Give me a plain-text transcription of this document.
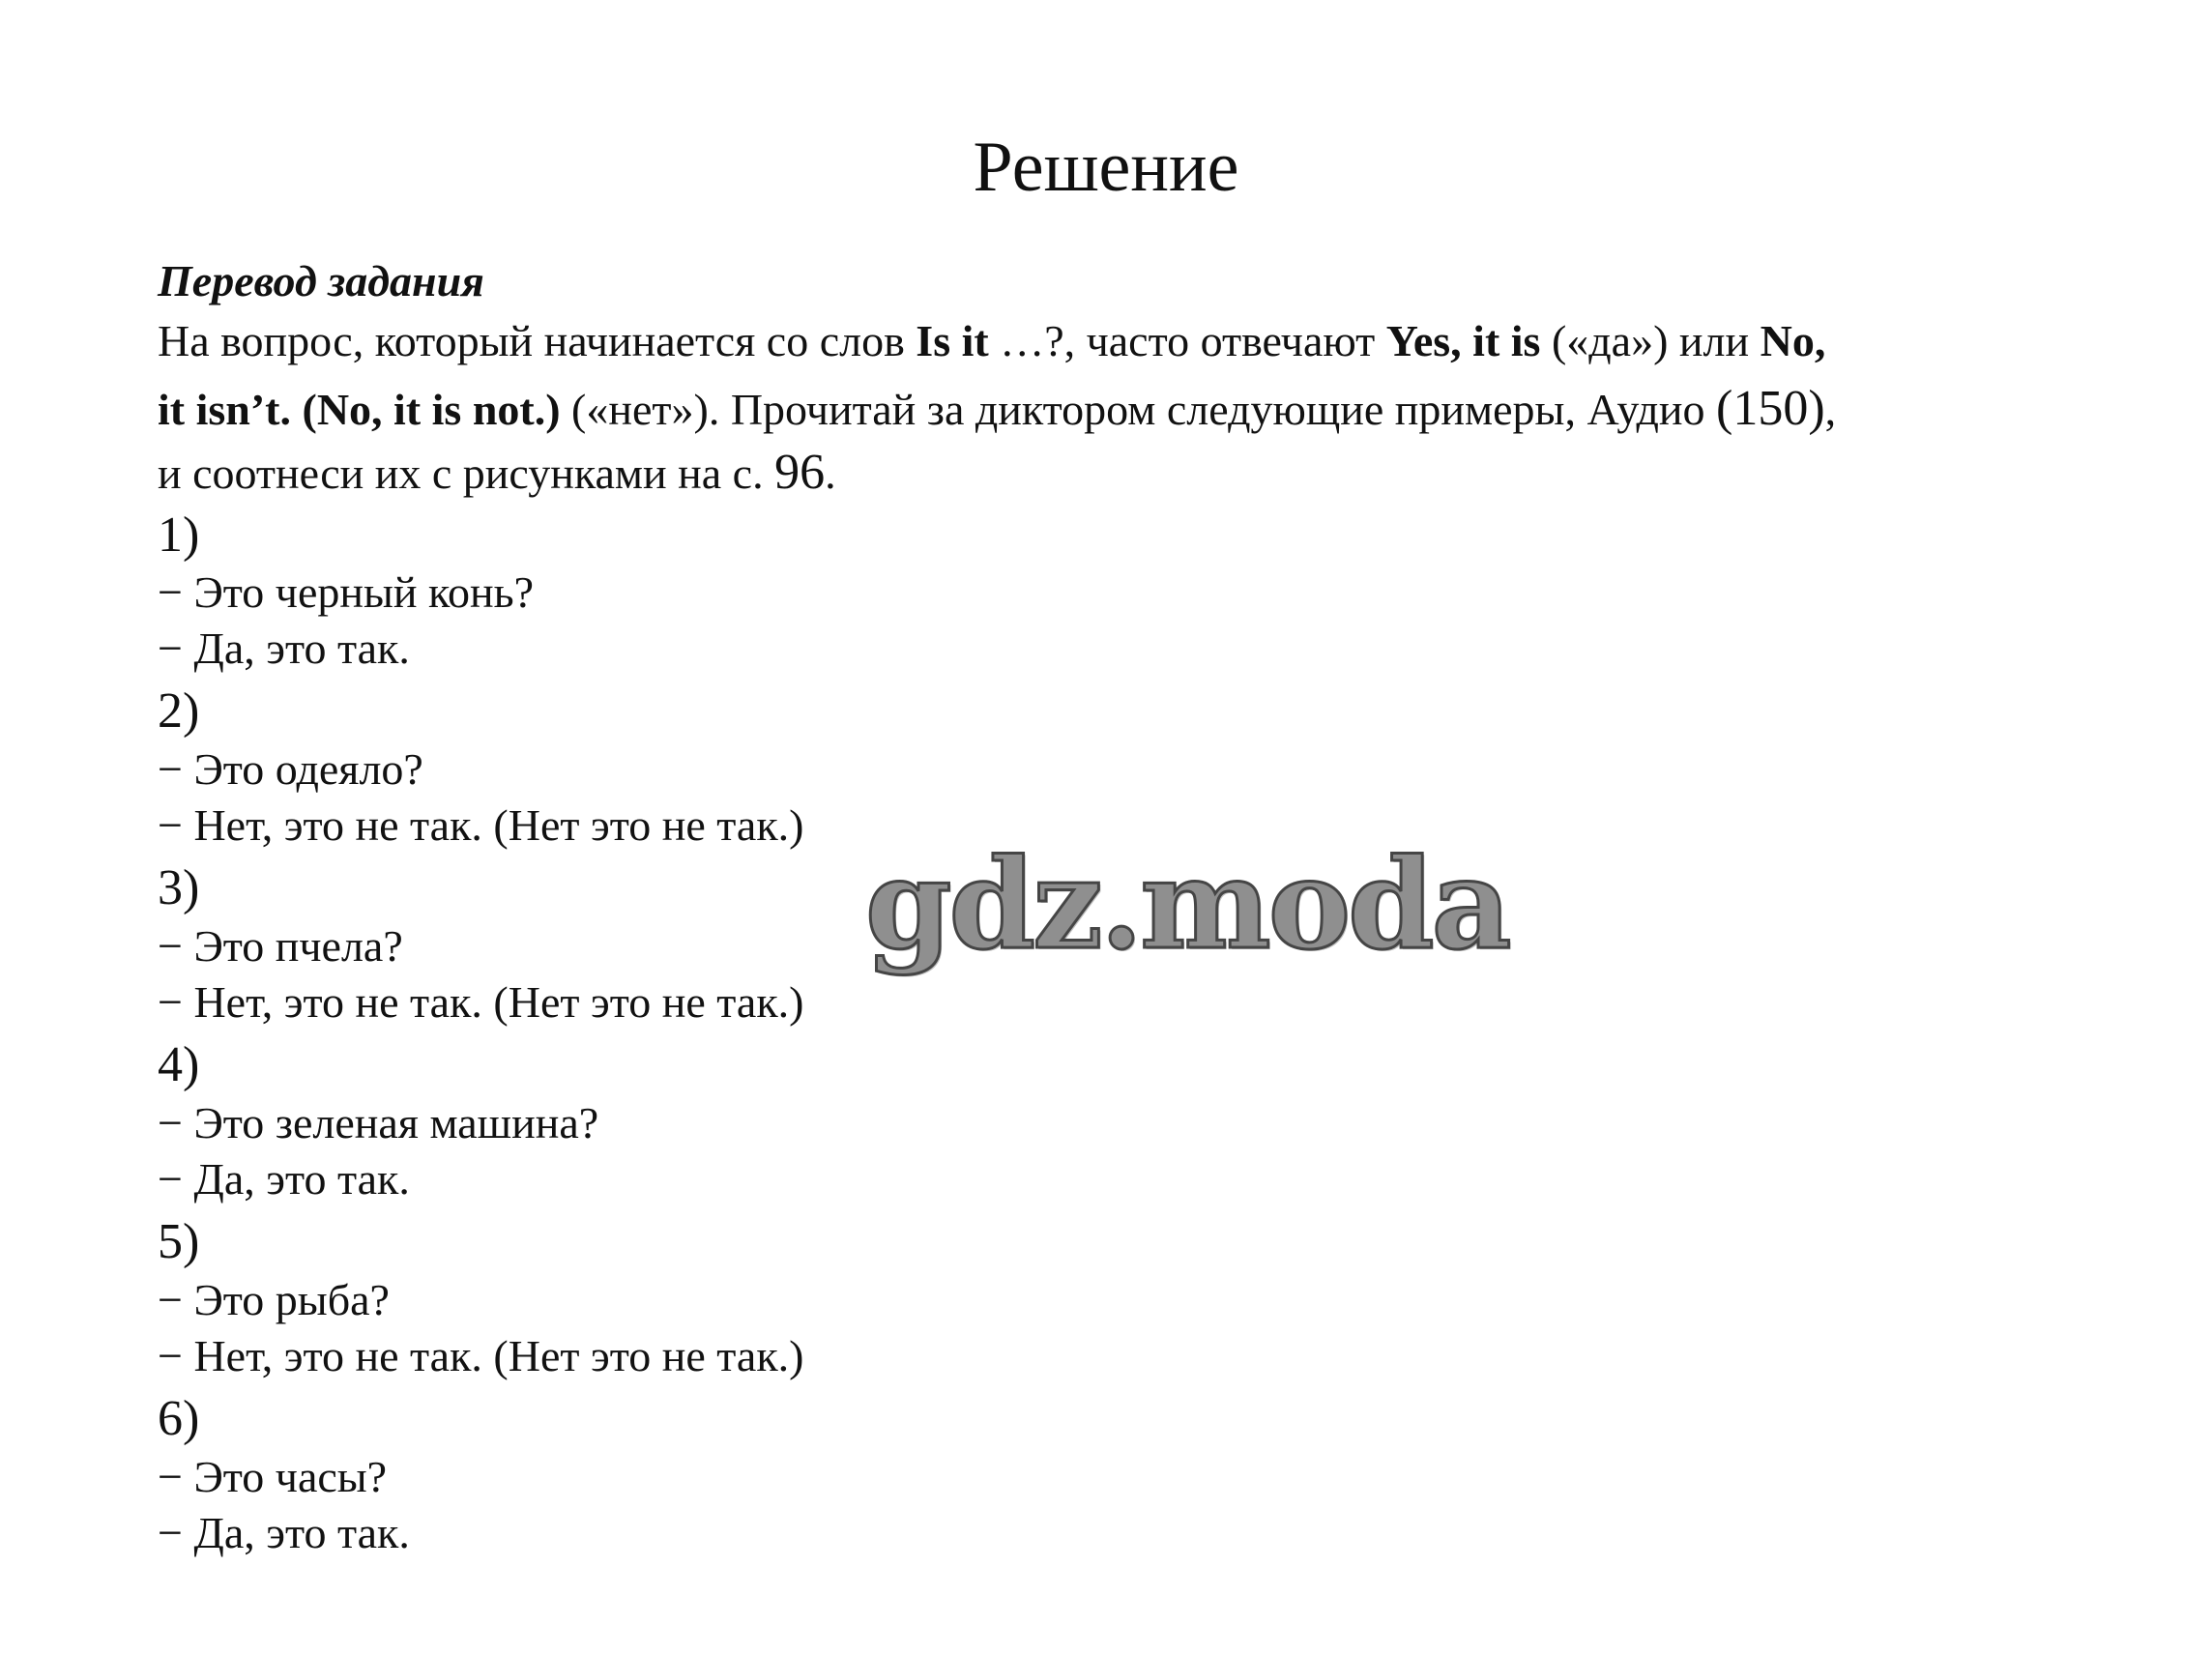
Решение
Перевод задания
На вопрос, который начинается со слов Is it …?, часто отвечают Yes, it is («да») или No,
it isn’t. (No, it is not.) («нет»). Прочитай за диктором следующие примеры, Аудио (150),
и соотнеси их с рисунками на с. 96.
1)
− Это черный конь?
− Да, это так.
2)
− Это одеяло?
− Нет, это не так. (Нет это не так.)
3)
− Это пчела?
− Нет, это не так. (Нет это не так.)
4)
− Это зеленая машина?
− Да, это так.
5)
− Это рыба?
− Нет, это не так. (Нет это не так.)
6)
− Это часы?
− Да, это так.
gdz.moda
